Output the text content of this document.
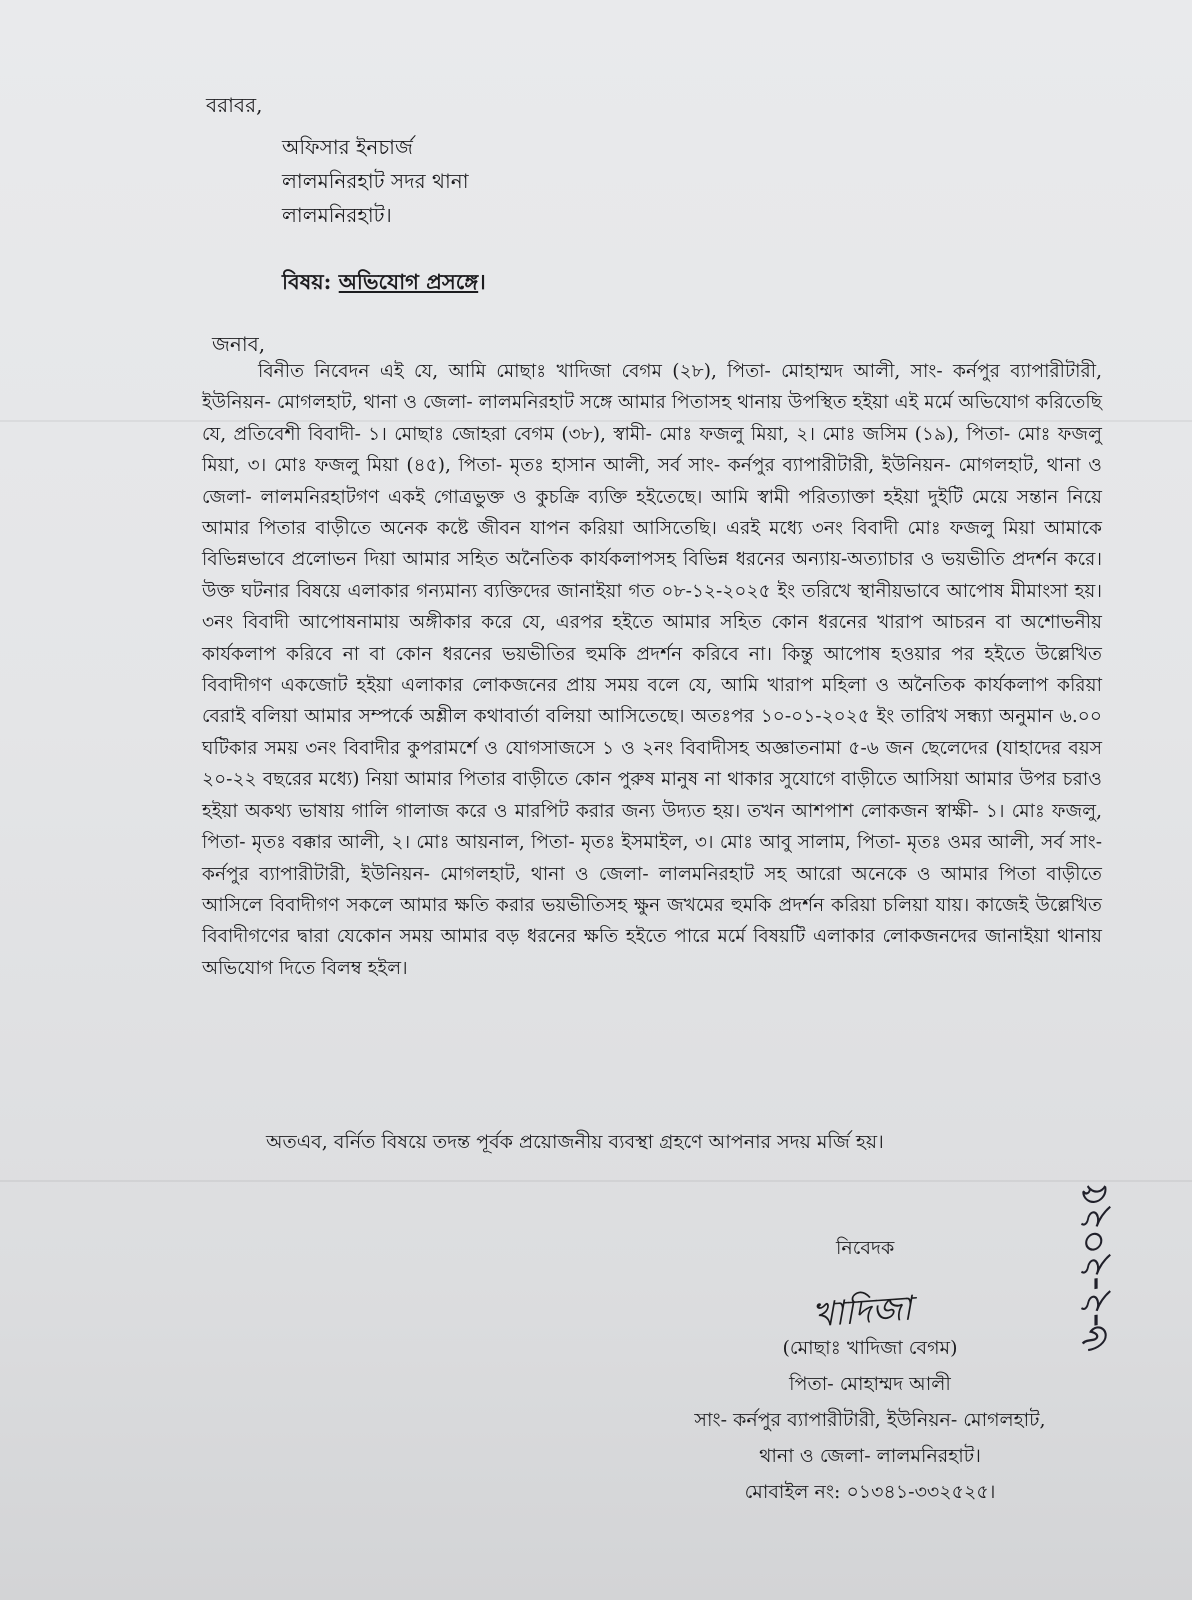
বরাবর,
অফিসার ইনচার্জ
লালমনিরহাট সদর থানা
লালমনিরহাট।
বিষয়: অভিযোগ প্রসঙ্গে।
জনাব,

বিনীত নিবেদন এই যে, আমি মোছাঃ খাদিজা বেগম (২৮), পিতা- মোহাম্মদ আলী, সাং- কর্নপুর ব্যাপারীটারী, ইউনিয়ন- মোগলহাট, থানা ও জেলা- লালমনিরহাট সঙ্গে আমার পিতাসহ থানায় উপস্থিত হইয়া এই মর্মে অভিযোগ করিতেছি যে, প্রতিবেশী বিবাদী- ১। মোছাঃ জোহরা বেগম (৩৮), স্বামী- মোঃ ফজলু মিয়া, ২। মোঃ জসিম (১৯), পিতা- মোঃ ফজলু মিয়া, ৩। মোঃ ফজলু মিয়া (৪৫), পিতা- মৃতঃ হাসান আলী, সর্ব সাং- কর্নপুর ব্যাপারীটারী, ইউনিয়ন- মোগলহাট, থানা ও জেলা- লালমনিরহাটগণ একই গোত্রভুক্ত ও কুচক্রি ব্যক্তি হইতেছে। আমি স্বামী পরিত্যাক্তা হইয়া দুইটি মেয়ে সন্তান নিয়ে আমার পিতার বাড়ীতে অনেক কষ্টে জীবন যাপন করিয়া আসিতেছি। এরই মধ্যে ৩নং বিবাদী মোঃ ফজলু মিয়া আমাকে বিভিন্নভাবে প্রলোভন দিয়া আমার সহিত অনৈতিক কার্যকলাপসহ বিভিন্ন ধরনের অন্যায়-অত্যাচার ও ভয়ভীতি প্রদর্শন করে। উক্ত ঘটনার বিষয়ে এলাকার গন্যমান্য ব্যক্তিদের জানাইয়া গত ০৮-১২-২০২৫ ইং তরিখে স্থানীয়ভাবে আপোষ মীমাংসা হয়। ৩নং বিবাদী আপোষনামায় অঙ্গীকার করে যে, এরপর হইতে আমার সহিত কোন ধরনের খারাপ আচরন বা অশোভনীয় কার্যকলাপ করিবে না বা কোন ধরনের ভয়ভীতির হুমকি প্রদর্শন করিবে না। কিন্তু আপোষ হওয়ার পর হইতে উল্লেখিত বিবাদীগণ একজোট হইয়া এলাকার লোকজনের প্রায় সময় বলে যে, আমি খারাপ মহিলা ও অনৈতিক কার্যকলাপ করিয়া বেরাই বলিয়া আমার সম্পর্কে অশ্লীল কথাবার্তা বলিয়া আসিতেছে। অতঃপর ১০-০১-২০২৫ ইং তারিখ সন্ধ্যা অনুমান ৬.০০ ঘটিকার সময় ৩নং বিবাদীর কুপরামর্শে ও যোগসাজসে ১ ও ২নং বিবাদীসহ অজ্ঞাতনামা ৫-৬ জন ছেলেদের (যাহাদের বয়স ২০-২২ বছরের মধ্যে) নিয়া আমার পিতার বাড়ীতে কোন পুরুষ মানুষ না থাকার সুযোগে বাড়ীতে আসিয়া আমার উপর চরাও হইয়া অকথ্য ভাষায় গালি গালাজ করে ও মারপিট করার জন্য উদ্যত হয়। তখন আশপাশ লোকজন স্বাক্ষী- ১। মোঃ ফজলু, পিতা- মৃতঃ বক্কার আলী, ২। মোঃ আয়নাল, পিতা- মৃতঃ ইসমাইল, ৩। মোঃ আবু সালাম, পিতা- মৃতঃ ওমর আলী, সর্ব সাং- কর্নপুর ব্যাপারীটারী, ইউনিয়ন- মোগলহাট, থানা ও জেলা- লালমনিরহাট সহ আরো অনেকে ও আমার পিতা বাড়ীতে আসিলে বিবাদীগণ সকলে আমার ক্ষতি করার ভয়ভীতিসহ ক্ষুন জখমের হুমকি প্রদর্শন করিয়া চলিয়া যায়। কাজেই উল্লেখিত বিবাদীগণের দ্বারা যেকোন সময় আমার বড় ধরনের ক্ষতি হইতে পারে মর্মে বিষয়টি এলাকার লোকজনদের জানাইয়া থানায় অভিযোগ দিতে বিলম্ব হইল।

অতএব, বর্নিত বিষয়ে তদন্ত পূর্বক প্রয়োজনীয় ব্যবস্থা গ্রহণে আপনার সদয় মর্জি হয়।
নিবেদক
খাদিজা
(মোছাঃ খাদিজা বেগম)
পিতা- মোহাম্মদ আলী
সাং- কর্নপুর ব্যাপারীটারী, ইউনিয়ন- মোগলহাট,
থানা ও জেলা- লালমনিরহাট।
মোবাইল নং: ০১৩৪১-৩৩২৫২৫।
৬-২-২০২৫
